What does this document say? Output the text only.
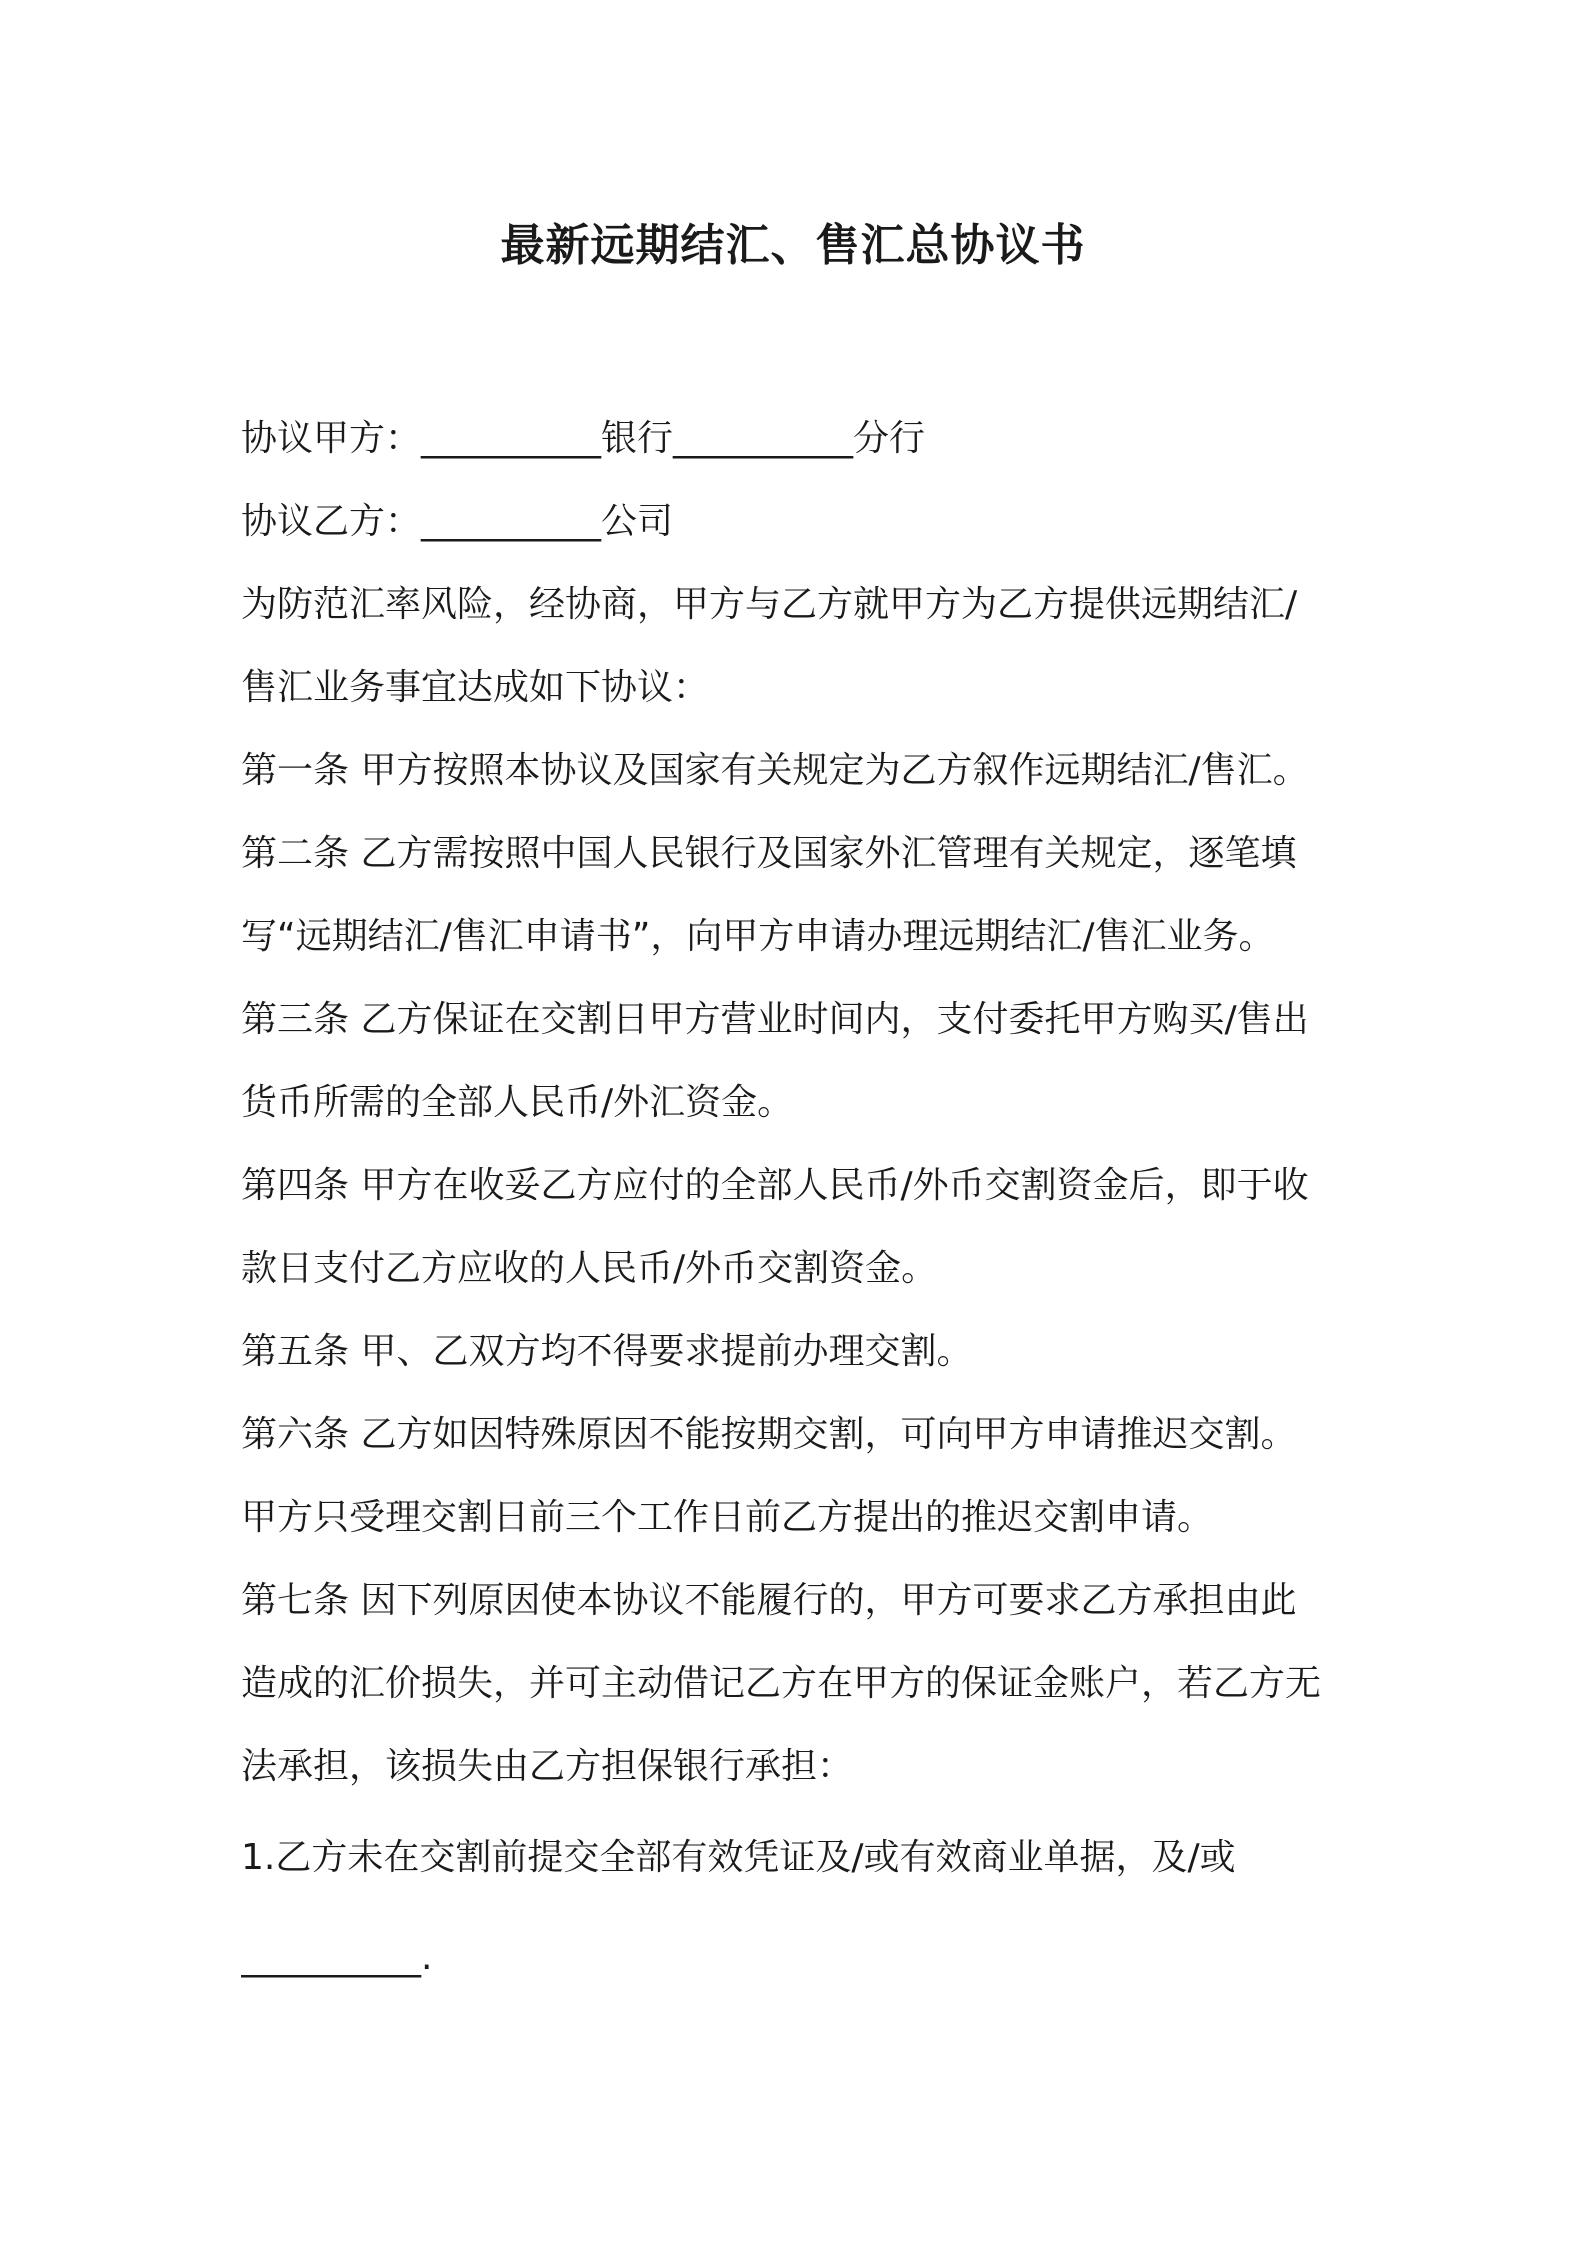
最新远期结汇、售汇总协议书
协议甲方：__________银行__________分行
协议乙方：__________公司
为防范汇率风险，经协商，甲方与乙方就甲方为乙方提供远期结汇/
售汇业务事宜达成如下协议：
第一条 甲方按照本协议及国家有关规定为乙方叙作远期结汇/售汇。
第二条 乙方需按照中国人民银行及国家外汇管理有关规定，逐笔填
写“远期结汇/售汇申请书”，向甲方申请办理远期结汇/售汇业务。
第三条 乙方保证在交割日甲方营业时间内，支付委托甲方购买/售出
货币所需的全部人民币/外汇资金。
第四条 甲方在收妥乙方应付的全部人民币/外币交割资金后，即于收
款日支付乙方应收的人民币/外币交割资金。
第五条 甲、乙双方均不得要求提前办理交割。
第六条 乙方如因特殊原因不能按期交割，可向甲方申请推迟交割。
甲方只受理交割日前三个工作日前乙方提出的推迟交割申请。
第七条 因下列原因使本协议不能履行的，甲方可要求乙方承担由此
造成的汇价损失，并可主动借记乙方在甲方的保证金账户，若乙方无
法承担，该损失由乙方担保银行承担：
1.乙方未在交割前提交全部有效凭证及/或有效商业单据，及/或
__________.
